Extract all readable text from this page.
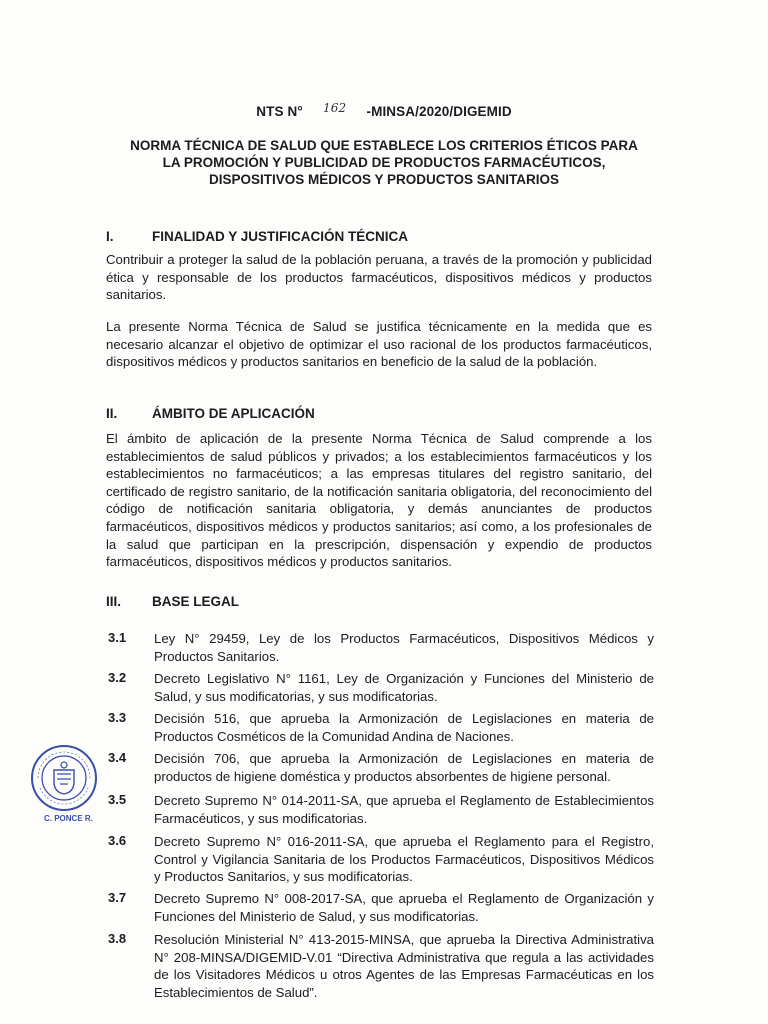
NTS N° 162 -MINSA/2020/DIGEMID
NORMA TÉCNICA DE SALUD QUE ESTABLECE LOS CRITERIOS ÉTICOS PARA
LA PROMOCIÓN Y PUBLICIDAD DE PRODUCTOS FARMACÉUTICOS,
DISPOSITIVOS MÉDICOS Y PRODUCTOS SANITARIOS
I.	FINALIDAD Y JUSTIFICACIÓN TÉCNICA
Contribuir a proteger la salud de la población peruana, a través de la promoción y publicidad ética y responsable de los productos farmacéuticos, dispositivos médicos y productos sanitarios.
La presente Norma Técnica de Salud se justifica técnicamente en la medida que es necesario alcanzar el objetivo de optimizar el uso racional de los productos farmacéuticos, dispositivos médicos y productos sanitarios en beneficio de la salud de la población.
II.	ÁMBITO DE APLICACIÓN
El ámbito de aplicación de la presente Norma Técnica de Salud comprende a los establecimientos de salud públicos y privados; a los establecimientos farmacéuticos y los establecimientos no farmacéuticos; a las empresas titulares del registro sanitario, del certificado de registro sanitario, de la notificación sanitaria obligatoria, del reconocimiento del código de notificación sanitaria obligatoria, y demás anunciantes de productos farmacéuticos, dispositivos médicos y productos sanitarios; así como, a los profesionales de la salud que participan en la prescripción, dispensación y expendio de productos farmacéuticos, dispositivos médicos y productos sanitarios.
III. BASE LEGAL
3.1 Ley N° 29459, Ley de los Productos Farmacéuticos, Dispositivos Médicos y Productos Sanitarios.
3.2 Decreto Legislativo N° 1161, Ley de Organización y Funciones del Ministerio de Salud, y sus modificatorias, y sus modificatorias.
3.3 Decisión 516, que aprueba la Armonización de Legislaciones en materia de Productos Cosméticos de la Comunidad Andina de Naciones.
3.4 Decisión 706, que aprueba la Armonización de Legislaciones en materia de productos de higiene doméstica y productos absorbentes de higiene personal.
3.5 Decreto Supremo N° 014-2011-SA, que aprueba el Reglamento de Establecimientos Farmacéuticos, y sus modificatorias.
3.6 Decreto Supremo N° 016-2011-SA, que aprueba el Reglamento para el Registro, Control y Vigilancia Sanitaria de los Productos Farmacéuticos, Dispositivos Médicos y Productos Sanitarios, y sus modificatorias.
3.7 Decreto Supremo N° 008-2017-SA, que aprueba el Reglamento de Organización y Funciones del Ministerio de Salud, y sus modificatorias.
3.8 Resolución Ministerial N° 413-2015-MINSA, que aprueba la Directiva Administrativa N° 208-MINSA/DIGEMID-V.01 “Directiva Administrativa que regula a las actividades de los Visitadores Médicos u otros Agentes de las Empresas Farmacéuticas en los Establecimientos de Salud”.
C. PONCE R.
